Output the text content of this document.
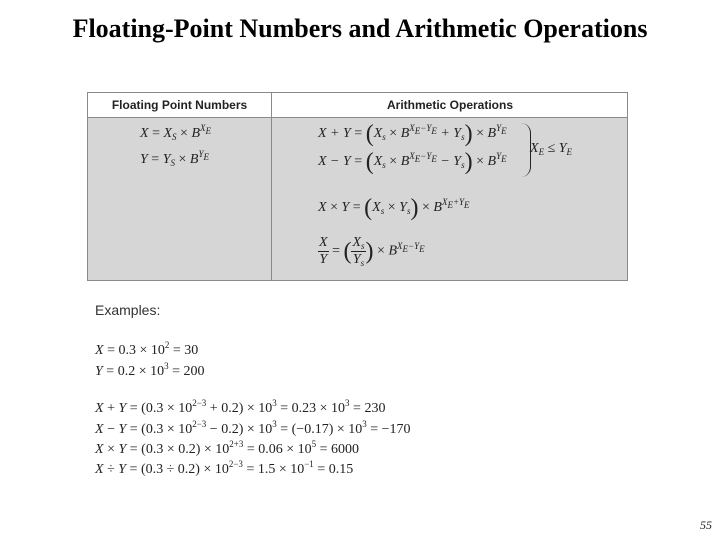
Floating-Point Numbers and Arithmetic Operations
Floating Point Numbers	Arithmetic Operations
$X = X_S \times B^{X_E}$
$Y = Y_S \times B^{Y_E}$
$X + Y = (X_s \times B^{X_E-Y_E} + Y_s) \times B^{Y_E}$
$X - Y = (X_s \times B^{X_E-Y_E} - Y_s) \times B^{Y_E}$
$X_E \le Y_E$
$X \times Y = (X_s \times Y_s) \times B^{X_E+Y_E}$
$\frac{X}{Y}$ = ( $\frac{X_s}{Y_s}$ ) × $B^{X_E-Y_E}$
Examples:
$X = 0.3 \times 10^2 = 30$
$Y = 0.2 \times 10^3 = 200$
$X + Y = (0.3 \times 10^{2-3} + 0.2) \times 10^3 = 0.23 \times 10^3 = 230$
$X - Y = (0.3 \times 10^{2-3} - 0.2) \times 10^3 = (-0.17) \times 10^3 = -170$
$X \times Y = (0.3 \times 0.2) \times 10^{2+3} = 0.06 \times 10^5 = 6000$
$X \div Y = (0.3 \div 0.2) \times 10^{2-3} = 1.5 \times 10^{-1} = 0.15$
55
